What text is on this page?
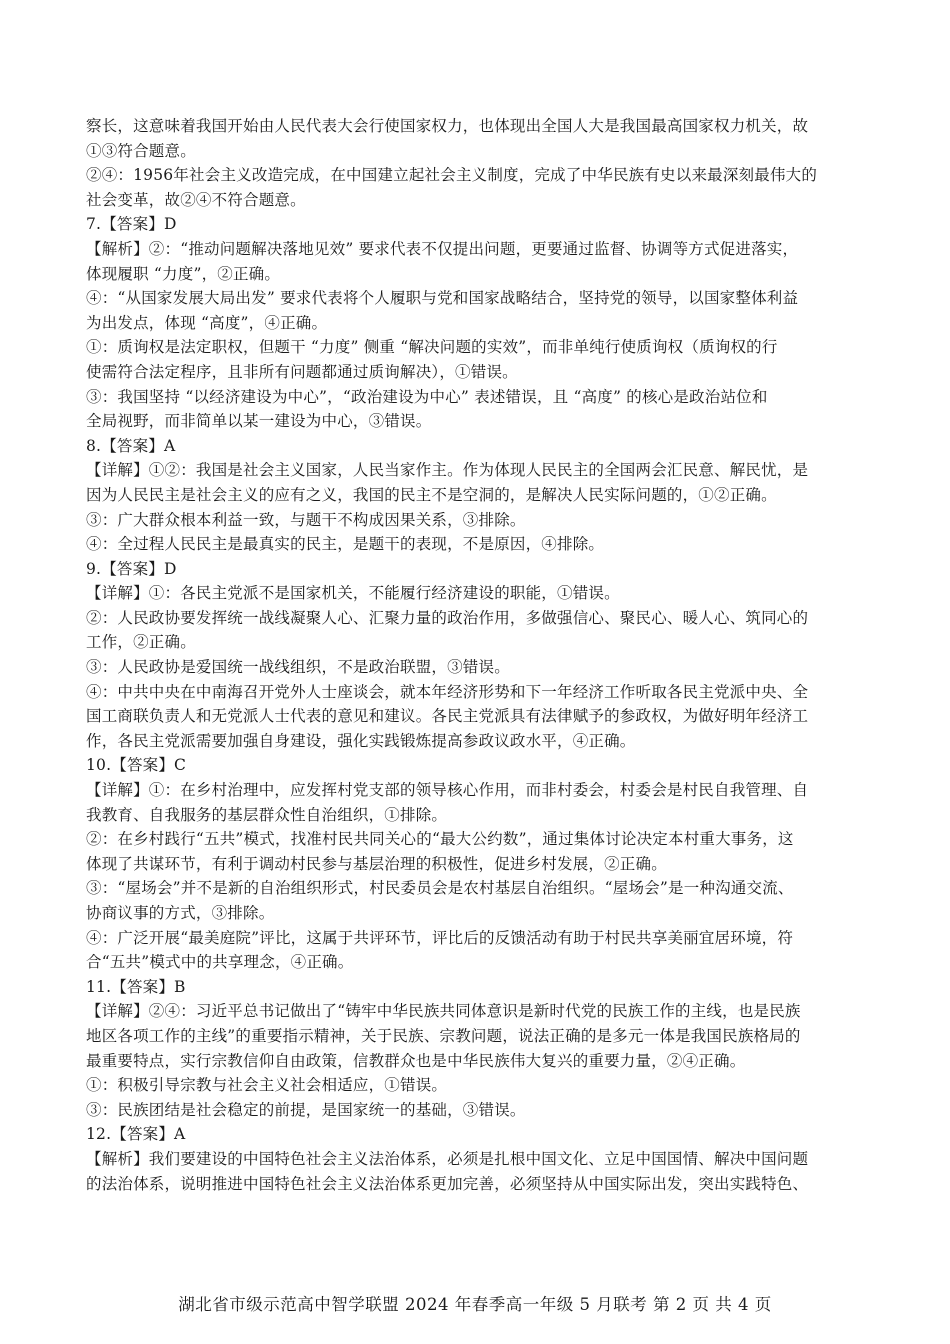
察长，这意味着我国开始由人民代表大会行使国家权力，也体现出全国人大是我国最高国家权力机关，故
①③符合题意。
②④：1956年社会主义改造完成，在中国建立起社会主义制度，完成了中华民族有史以来最深刻最伟大的
社会变革，故②④不符合题意。
7.【答案】D
【解析】②：“推动问题解决落地见效” 要求代表不仅提出问题，更要通过监督、协调等方式促进落实，
体现履职 “力度”，②正确。
④：“从国家发展大局出发” 要求代表将个人履职与党和国家战略结合，坚持党的领导，以国家整体利益
为出发点，体现 “高度”，④正确。
①：质询权是法定职权，但题干 “力度” 侧重 “解决问题的实效”，而非单纯行使质询权（质询权的行
使需符合法定程序，且非所有问题都通过质询解决），①错误。
③：我国坚持 “以经济建设为中心”，“政治建设为中心” 表述错误，且 “高度” 的核心是政治站位和
全局视野，而非简单以某一建设为中心，③错误。
8.【答案】A
【详解】①②：我国是社会主义国家，人民当家作主。作为体现人民民主的全国两会汇民意、解民忧，是
因为人民民主是社会主义的应有之义，我国的民主不是空洞的，是解决人民实际问题的，①②正确。
③：广大群众根本利益一致，与题干不构成因果关系，③排除。
④：全过程人民民主是最真实的民主，是题干的表现，不是原因，④排除。
9.【答案】D
【详解】①：各民主党派不是国家机关，不能履行经济建设的职能，①错误。
②：人民政协要发挥统一战线凝聚人心、汇聚力量的政治作用，多做强信心、聚民心、暖人心、筑同心的
工作，②正确。
③：人民政协是爱国统一战线组织，不是政治联盟，③错误。
④：中共中央在中南海召开党外人士座谈会，就本年经济形势和下一年经济工作听取各民主党派中央、全
国工商联负责人和无党派人士代表的意见和建议。各民主党派具有法律赋予的参政权，为做好明年经济工
作，各民主党派需要加强自身建设，强化实践锻炼提高参政议政水平，④正确。
10.【答案】C
【详解】①：在乡村治理中，应发挥村党支部的领导核心作用，而非村委会，村委会是村民自我管理、自
我教育、自我服务的基层群众性自治组织，①排除。
②：在乡村践行“五共”模式，找准村民共同关心的“最大公约数”，通过集体讨论决定本村重大事务，这
体现了共谋环节，有利于调动村民参与基层治理的积极性，促进乡村发展，②正确。
③：“屋场会”并不是新的自治组织形式，村民委员会是农村基层自治组织。“屋场会”是一种沟通交流、
协商议事的方式，③排除。
④：广泛开展“最美庭院”评比，这属于共评环节，评比后的反馈活动有助于村民共享美丽宜居环境，符
合“五共”模式中的共享理念，④正确。
11.【答案】B
【详解】②④：习近平总书记做出了“铸牢中华民族共同体意识是新时代党的民族工作的主线，也是民族
地区各项工作的主线”的重要指示精神，关于民族、宗教问题，说法正确的是多元一体是我国民族格局的
最重要特点，实行宗教信仰自由政策，信教群众也是中华民族伟大复兴的重要力量，②④正确。
①：积极引导宗教与社会主义社会相适应，①错误。
③：民族团结是社会稳定的前提，是国家统一的基础，③错误。
12.【答案】A
【解析】我们要建设的中国特色社会主义法治体系，必须是扎根中国文化、立足中国国情、解决中国问题
的法治体系，说明推进中国特色社会主义法治体系更加完善，必须坚持从中国实际出发，突出实践特色、
湖北省市级示范高中智学联盟 2024 年春季高一年级 5 月联考 第 2 页 共 4 页
